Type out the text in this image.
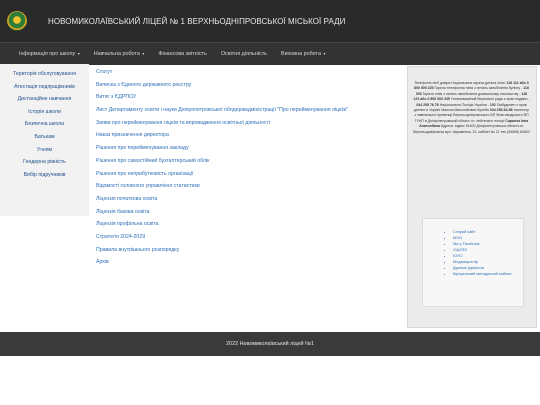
НОВОМИКОЛАЇВСЬКИЙ ЛІЦЕЙ № 1 ВЕРХНЬОДНІПРОВСЬКОЇ МІСЬКОЇ РАДИ
Інформація про школу ▾	Навчальна робота ▾	Фінансова звітність	Освітня діяльність	Виховна робота ▾
Територія обслуговування
Атестація педпрацівників
Дистанційне навчання
Історія школи
Безпечна школа
Батькам
Учням
Гендерна рівність
Вибір підручників
Статут
Виписка з Єдиного державного реєстру
Витяг з ЄДРПОУ
Лист Департаменту освіти і науки Дніпропетровської облдержадміністрації "Про перейменування ліцеїв"
Заяви про перейменування ліцеїв та впровадження освітньої діяльності
Наказ призначення директора
Рішення про перейменування закладу
Рішення про самостійний бухгалтерський облік
Рішення про неприбутковість організації
Відомості головного управління статистики
Ліцензія початкова освіта
Ліцензія базова освіта
Ліцензія профільна освіта
Стратегія 2024-2029
Правила внутрішнього розпорядку
Архів
Телефонні лінії довіри Національна гаряча дитяча лінія: 116 111 або 0 800 500 225 Гаряча телефонна лінія з питань запобігання булінгу - 116 000 Гаряча лінія з питань запобігання домашньому насильству - 116 123 або 0 800 500 335 Уповноважений Верховної ради з прав людини - 044 255 76 76 Національна Поліція України - 102 Омбудсмен з прав дитини в Україні Микола Миколайович Кулеба 044 255-64-56 Інспектор з ювенальної превенції Верхньодніпровського ВП Жовтоводського ВП ГУНП в Дніпропетровській області ст. лейтенант поліції Саранча Інна Анатоліївна Адреса: індекс 51600 Дніпропетровська область м. Верхньодніпровськ вул. Авраменка, 21, кабінет № 21 тел.(05658) 60602
• Старий сайт
• МОН
• Ми у Facebook
• УЦОЯО
• ІОУО
• Медиапростір
• Дуальні джерела
• Віртуальний методичний кабінет
2022 Новомиколаївський ліцей №1
